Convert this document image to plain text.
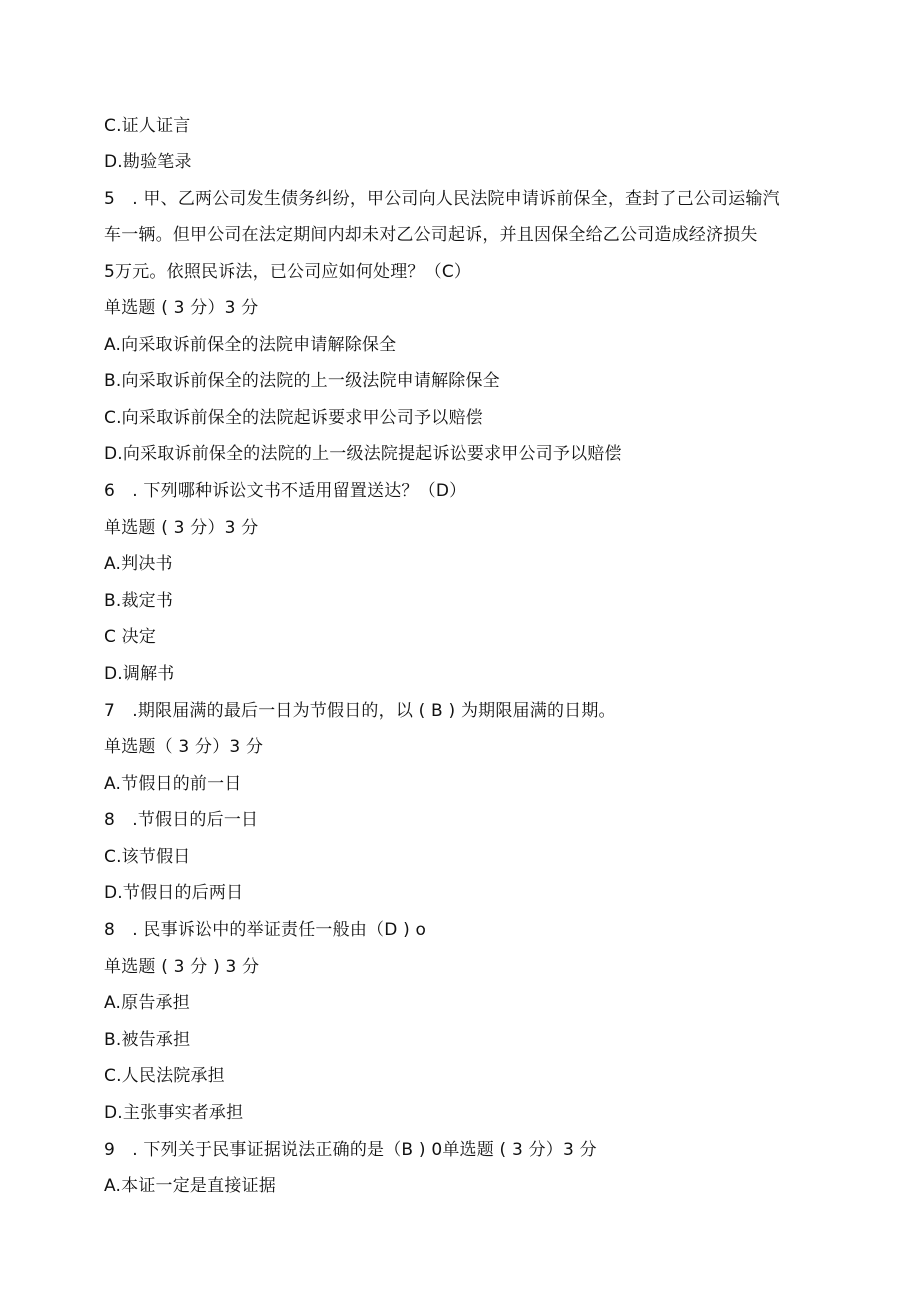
C.证人证言
D.勘验笔录
5　. 甲、乙两公司发生债务纠纷，甲公司向人民法院申请诉前保全，查封了己公司运输汽
车一辆。但甲公司在法定期间内却未对乙公司起诉，并且因保全给乙公司造成经济损失
5万元。依照民诉法，已公司应如何处理？（C）
单选题 ( 3 分）3 分
A.向采取诉前保全的法院申请解除保全
B.向采取诉前保全的法院的上一级法院申请解除保全
C.向采取诉前保全的法院起诉要求甲公司予以赔偿
D.向采取诉前保全的法院的上一级法院提起诉讼要求甲公司予以赔偿
6　. 下列哪种诉讼文书不适用留置送达？（D）
单选题 ( 3 分）3 分
A.判决书
B.裁定书
C 决定
D.调解书
7　.期限届满的最后一日为节假日的，以 ( B ) 为期限届满的日期。
单选题（ 3 分）3 分
A.节假日的前一日
8　.节假日的后一日
C.该节假日
D.节假日的后两日
8　. 民事诉讼中的举证责任一般由（D ) o
单选题 ( 3 分 ) 3 分
A.原告承担
B.被告承担
C.人民法院承担
D.主张事实者承担
9　. 下列关于民事证据说法正确的是（B ) 0单选题 ( 3 分）3 分
A.本证一定是直接证据
